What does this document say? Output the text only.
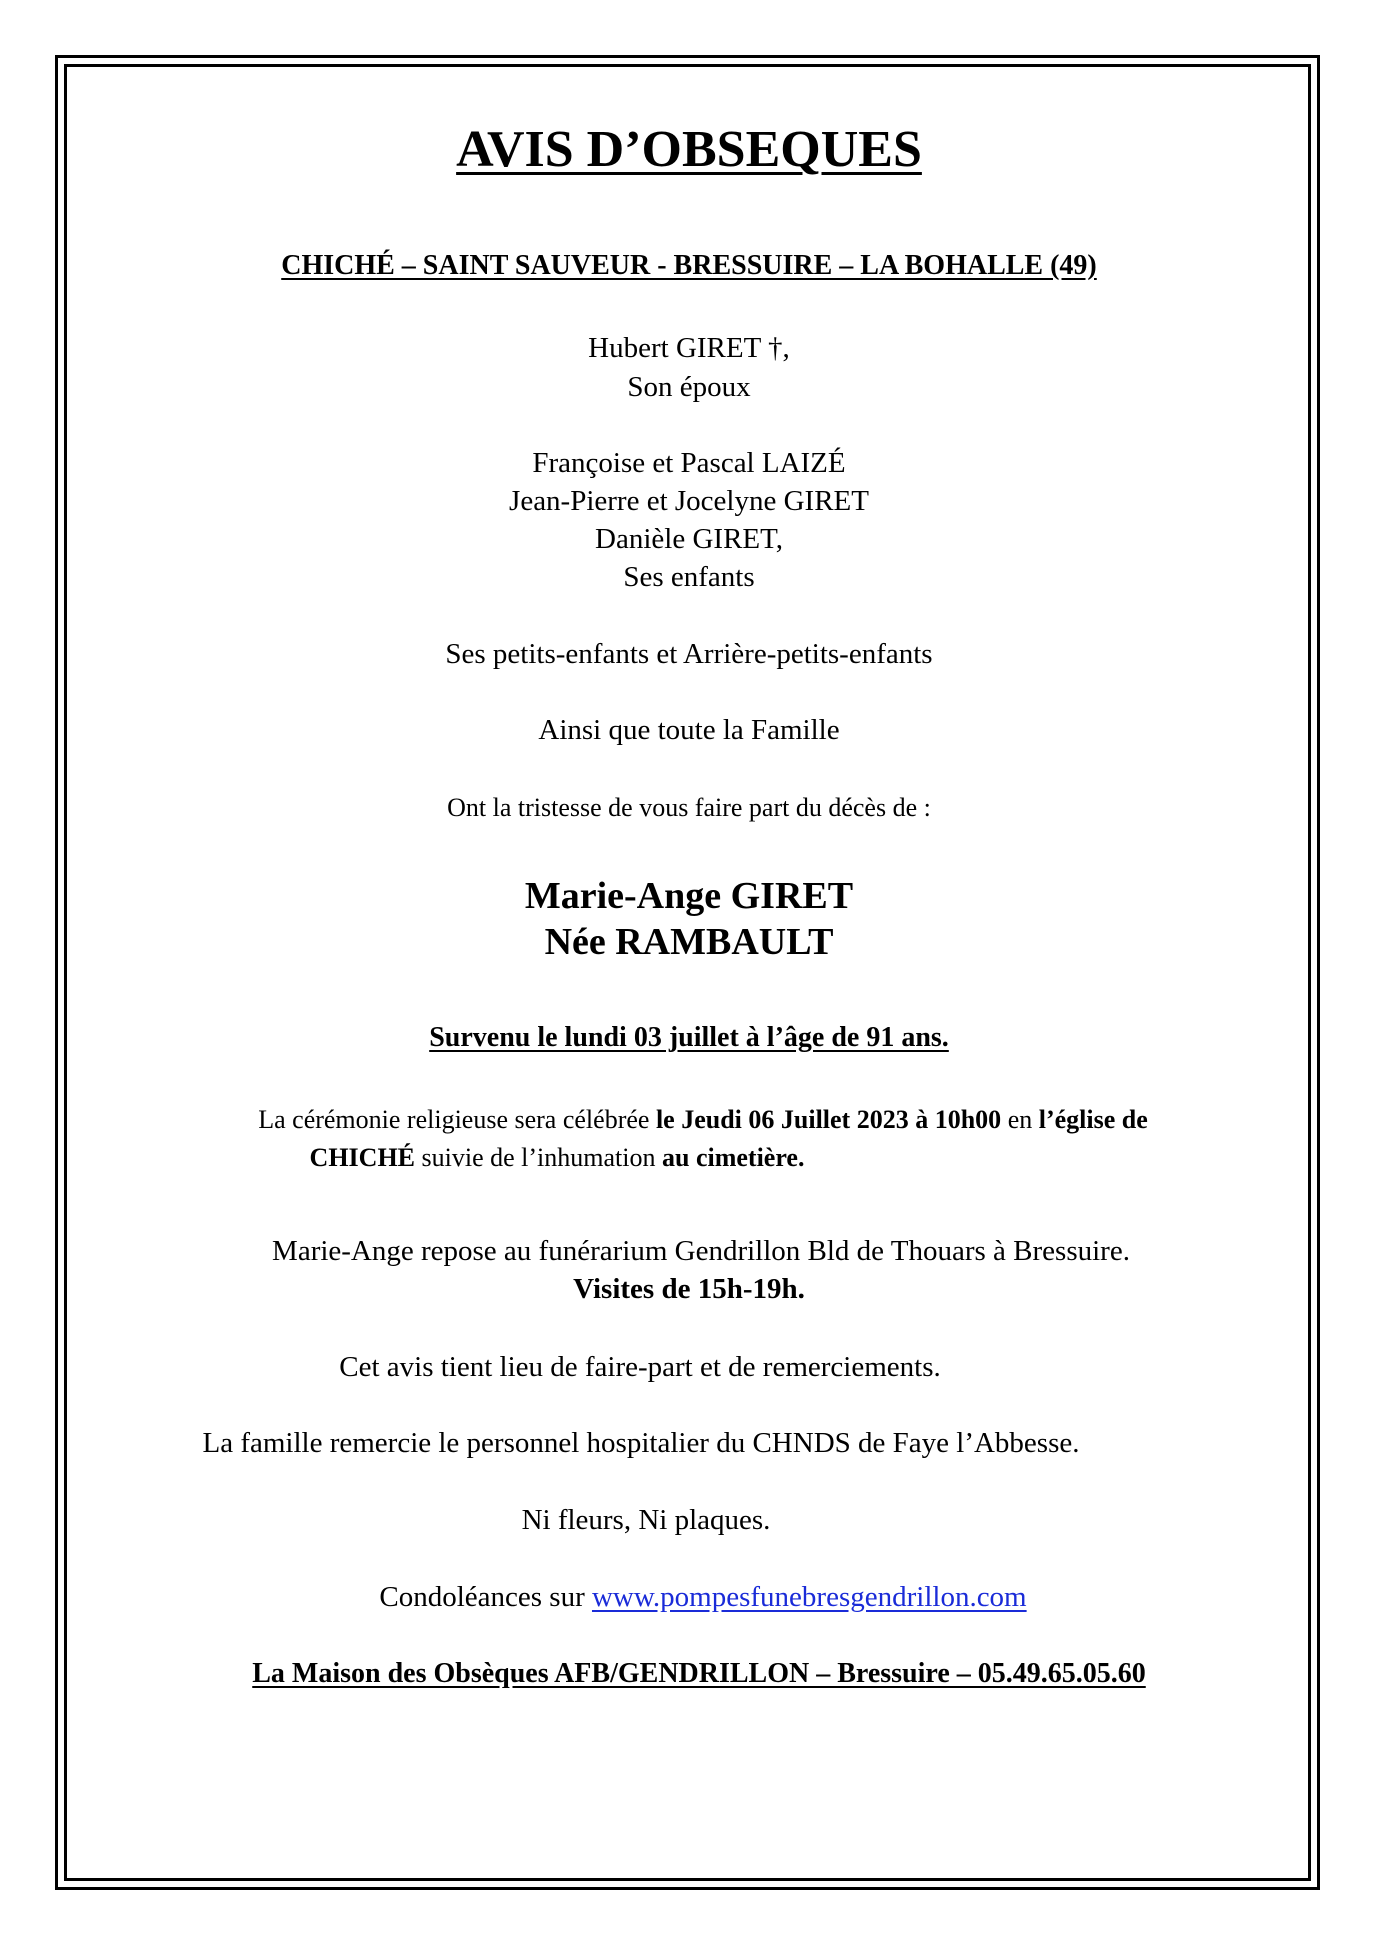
AVIS D’OBSEQUES
CHICHÉ – SAINT SAUVEUR - BRESSUIRE – LA BOHALLE (49)
Hubert GIRET †,
Son époux
Françoise et Pascal LAIZÉ
Jean-Pierre et Jocelyne GIRET
Danièle GIRET,
Ses enfants
Ses petits-enfants et Arrière-petits-enfants
Ainsi que toute la Famille
Ont la tristesse de vous faire part du décès de :
Marie-Ange GIRET
Née RAMBAULT
Survenu le lundi 03 juillet à l’âge de 91 ans.
La cérémonie religieuse sera célébrée le Jeudi 06 Juillet 2023 à 10h00 en l’église de
CHICHÉ suivie de l’inhumation au cimetière.
Marie-Ange repose au funérarium Gendrillon Bld de Thouars à Bressuire.
Visites de 15h-19h.
Cet avis tient lieu de faire-part et de remerciements.
La famille remercie le personnel hospitalier du CHNDS de Faye l’Abbesse.
Ni fleurs, Ni plaques.
Condoléances sur www.pompesfunebresgendrillon.com
La Maison des Obsèques AFB/GENDRILLON – Bressuire – 05.49.65.05.60
